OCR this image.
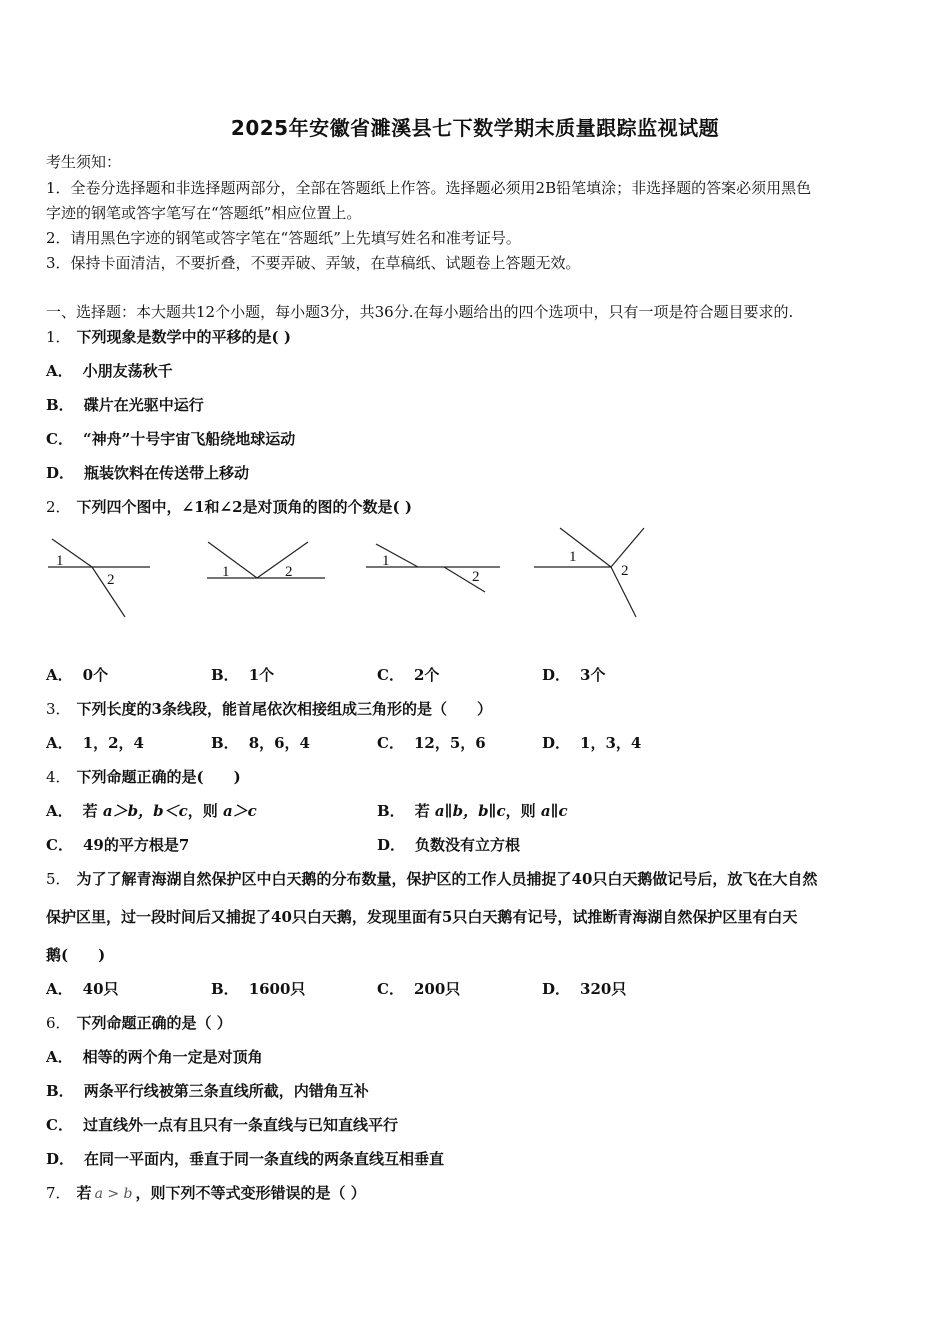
2025年安徽省濉溪县七下数学期末质量跟踪监视试题
考生须知：
1．全卷分选择题和非选择题两部分，全部在答题纸上作答。选择题必须用2B铅笔填涂；非选择题的答案必须用黑色
字迹的钢笔或答字笔写在“答题纸”相应位置上。
2．请用黑色字迹的钢笔或答字笔在“答题纸”上先填写姓名和准考证号。
3．保持卡面清洁，不要折叠，不要弄破、弄皱，在草稿纸、试题卷上答题无效。
一、选择题：本大题共12个小题，每小题3分，共36分.在每小题给出的四个选项中，只有一项是符合题目要求的.
1． 下列现象是数学中的平移的是( )
A． 小朋友荡秋千
B． 碟片在光驱中运行
C． “神舟”十号宇宙飞船绕地球运动
D． 瓶装饮料在传送带上移动
2． 下列四个图中，∠1和∠2是对顶角的图的个数是( )
1
2	1	2
1
2
1
2
A． 0个	B． 1个	C． 2个	D． 3个
3． 下列长度的3条线段，能首尾依次相接组成三角形的是（　　）
A． 1，2，4	B． 8，6，4	C． 12，5，6	D． 1，3，4
4． 下列命题正确的是(　　)
A． 若 a＞b，b＜c，则 a＞c	B． 若 a∥b，b∥c，则 a∥c
C． 49的平方根是7	D． 负数没有立方根
5． 为了了解青海湖自然保护区中白天鹅的分布数量，保护区的工作人员捕捉了40只白天鹅做记号后，放飞在大自然
保护区里，过一段时间后又捕捉了40只白天鹅，发现里面有5只白天鹅有记号，试推断青海湖自然保护区里有白天
鹅(　　)
A． 40只	B． 1600只	C． 200只	D． 320只
6． 下列命题正确的是（ ）
A． 相等的两个角一定是对顶角
B． 两条平行线被第三条直线所截，内错角互补
C． 过直线外一点有且只有一条直线与已知直线平行
D． 在同一平面内，垂直于同一条直线的两条直线互相垂直
7． 若 a > b ，则下列不等式变形错误的是（ ）
